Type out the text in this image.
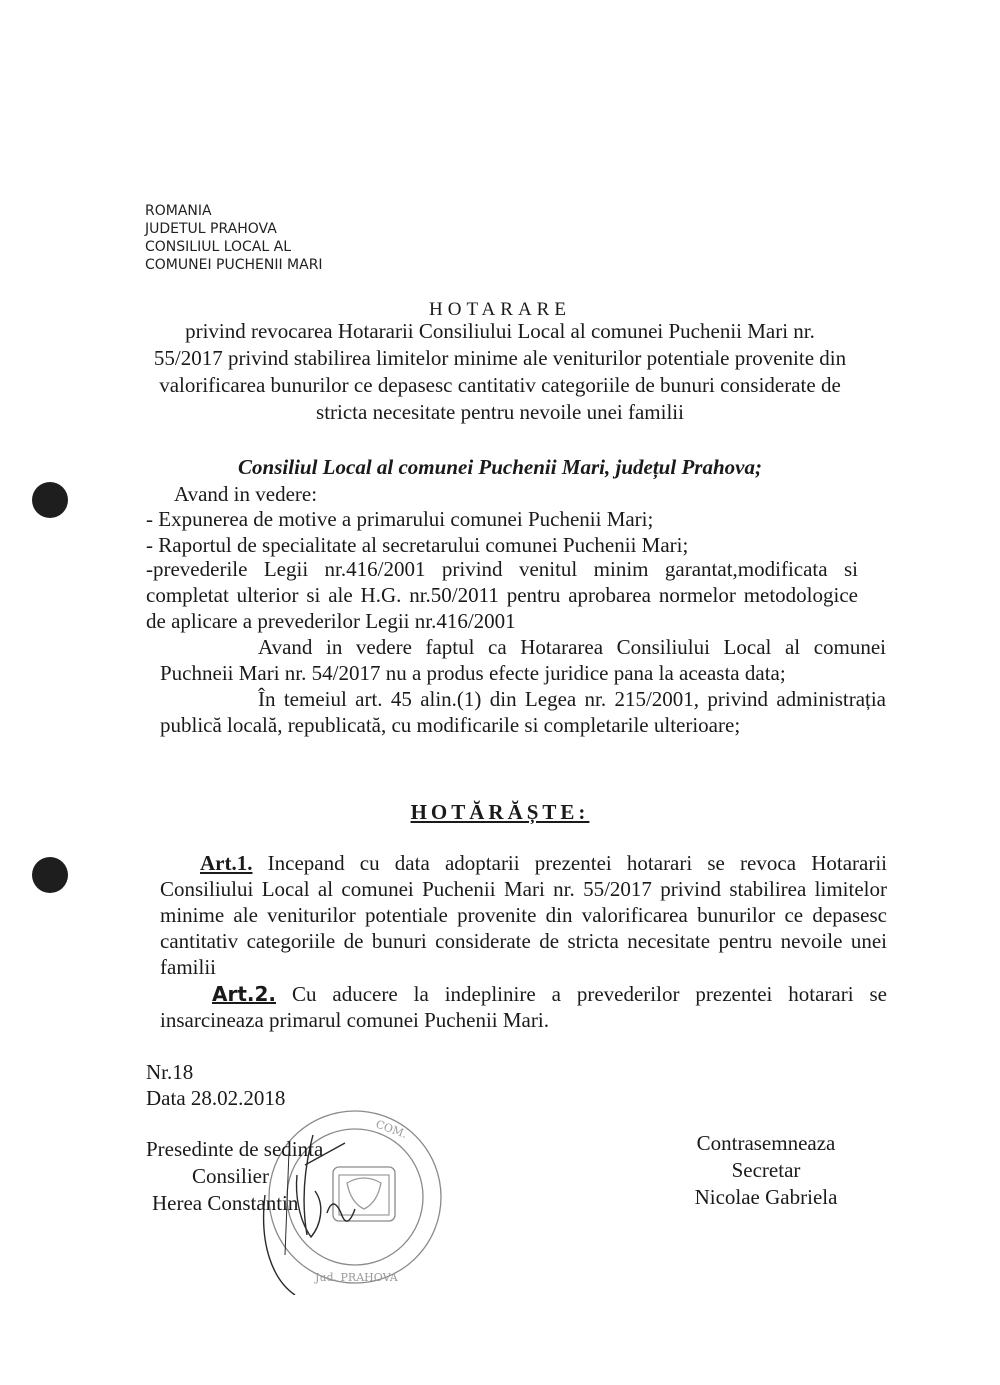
ROMANIA
JUDETUL PRAHOVA
CONSILIUL LOCAL AL
COMUNEI PUCHENII MARI
HOTARARE
privind revocarea Hotararii Consiliului Local al comunei Puchenii Mari nr. 55/2017 privind stabilirea limitelor minime ale veniturilor potentiale provenite din valorificarea bunurilor ce depasesc cantitativ categoriile de bunuri considerate de stricta necesitate pentru nevoile unei familii
Consiliul Local al comunei Puchenii Mari, județul Prahova;
Avand in vedere:
- Expunerea de motive a primarului comunei Puchenii Mari;
- Raportul de specialitate al secretarului comunei Puchenii Mari;
-prevederile Legii nr.416/2001 privind venitul minim garantat,modificata si completat ulterior si ale H.G. nr.50/2011 pentru aprobarea normelor metodologice de aplicare a prevederilor Legii nr.416/2001
Avand in vedere faptul ca Hotararea Consiliului Local al comunei Puchneii Mari nr. 54/2017 nu a produs efecte juridice pana la aceasta data;
În temeiul art. 45 alin.(1) din Legea nr. 215/2001, privind administrația publică locală, republicată, cu modificarile si completarile ulterioare;
HOTĂRĂȘTE:
Art.1. Incepand cu data adoptarii prezentei hotarari se revoca Hotararii Consiliului Local al comunei Puchenii Mari nr. 55/2017 privind stabilirea limitelor minime ale veniturilor potentiale provenite din valorificarea bunurilor ce depasesc cantitativ categoriile de bunuri considerate de stricta necesitate pentru nevoile unei familii
Art.2. Cu aducere la indeplinire a prevederilor prezentei hotarari se insarcineaza primarul comunei Puchenii Mari.
Nr.18
Data 28.02.2018
COM.
Jud. PRAHOVA
Presedinte de sedinta
Consilier
Herea Constantin
Contrasemneaza
Secretar
Nicolae Gabriela
